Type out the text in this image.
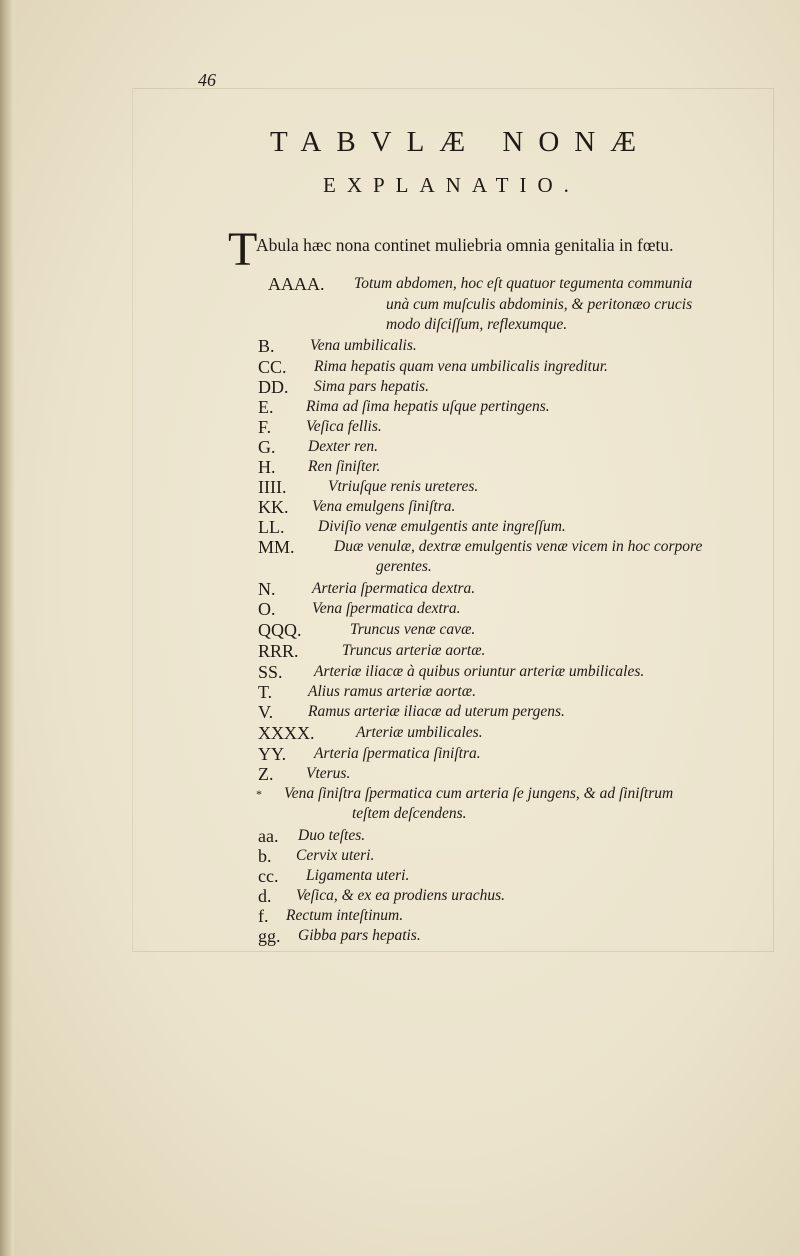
46
TABVLÆ NONÆ
EXPLANATIO.
T
Abula hæc nona continet muliebria omnia genitalia in fœtu.
AAAA. Totum abdomen, hoc eſt quatuor tegumenta communia
unà cum muſculis abdominis, & peritonæo crucis
modo diſciſſum, reflexumque.
B. Vena umbilicalis.
CC. Rima hepatis quam vena umbilicalis ingreditur.
DD. Sima pars hepatis.
E. Rima ad ſima hepatis uſque pertingens.
F. Veſica fellis.
G. Dexter ren.
H. Ren ſiniſter.
IIII.	Vtriuſque renis ureteres.
KK. Vena emulgens ſiniſtra.
LL. Diviſio venæ emulgentis ante ingreſſum.
MM.	Duæ venulæ, dextræ emulgentis venæ vicem in hoc corpore
gerentes.
N. Arteria ſpermatica dextra.
O. Vena ſpermatica dextra.
QQQ.	Truncus venæ cavæ.
RRR.	Truncus arteriæ aortæ.
SS. Arteriæ iliacæ à quibus oriuntur arteriæ umbilicales.
T. Alius ramus arteriæ aortæ.
V. Ramus arteriæ iliacæ ad uterum pergens.
XXXX.	Arteriæ umbilicales.
YY. Arteria ſpermatica ſiniſtra.
Z. Vterus.
* Vena ſiniſtra ſpermatica cum arteria ſe jungens, & ad ſiniſtrum
teſtem deſcendens.
aa. Duo teſtes.
b. Cervix uteri.
cc. Ligamenta uteri.
d. Veſica, & ex ea prodiens urachus.
f. Rectum inteſtinum.
gg. Gibba pars hepatis.
